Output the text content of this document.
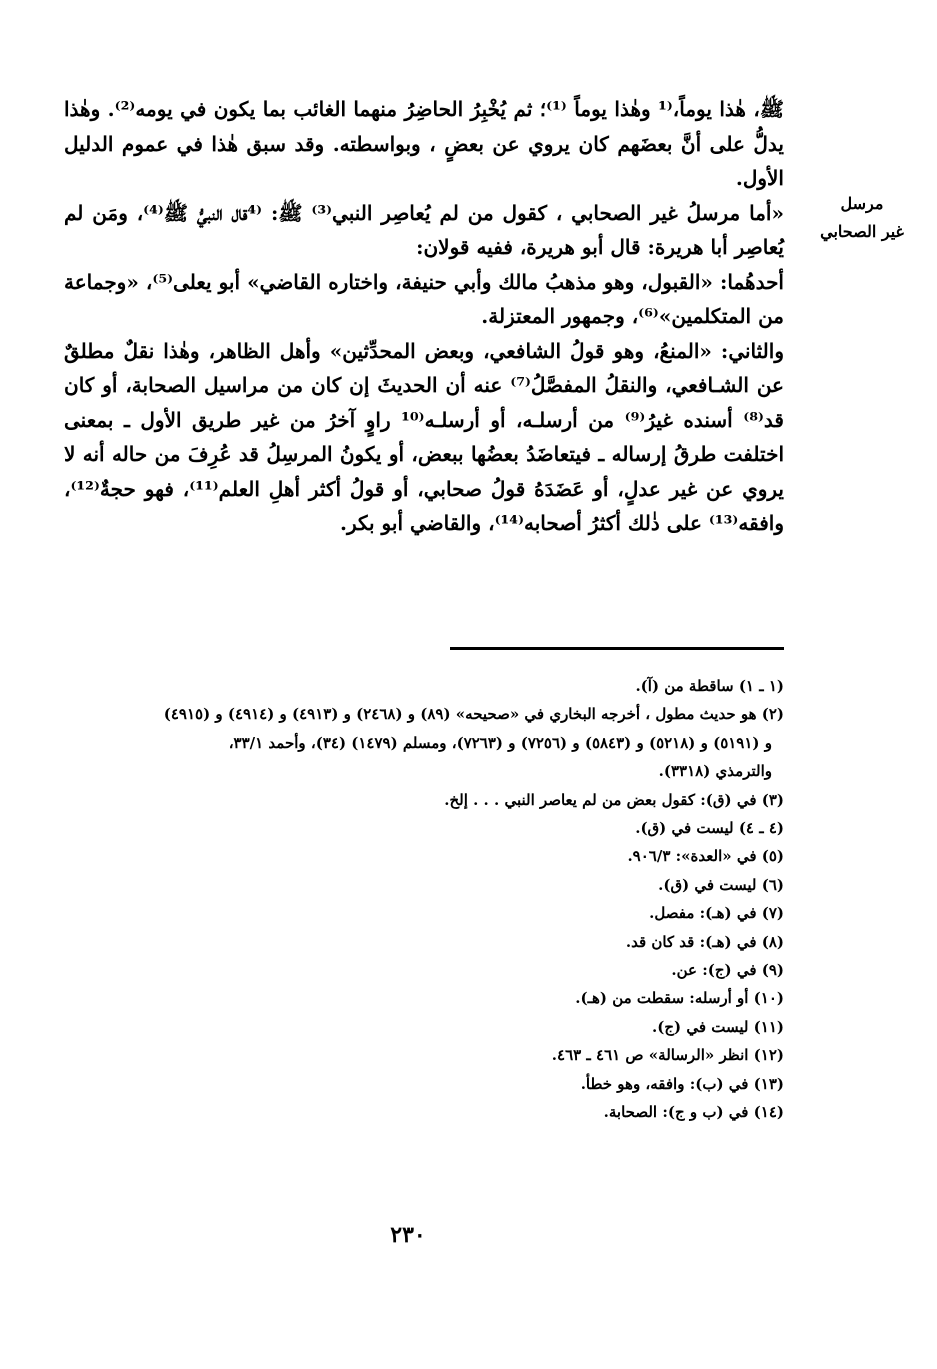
ﷺ، هٰذا يوماً،⁽¹ وهٰذا يوماً ⁽¹⁾؛ ثم يُخْبِرُ الحاضِرُ منهما الغائب بما يكون في يومه⁽²⁾. وهٰذا يدلُّ على أنَّ بعضَهم كان يروي عن بعضٍ ، وبواسطته. وقد سبق هٰذا في عموم الدليل الأول.

«أما مرسلُ غير الصحابي ، كقول من لم يُعاصِر النبي⁽³⁾ ﷺ: ⁽⁴قال النبيُّ ﷺ⁽⁴⁾، ومَن لم يُعاصِر أبا هريرة: قال أبو هريرة، ففيه قولان:

أحدهُما: «القبول، وهو مذهبُ مالك وأبي حنيفة، واختاره القاضي» أبو يعلى⁽⁵⁾، «وجماعة من المتكلمين»⁽⁶⁾، وجمهور المعتزلة.

والثاني: «المنعُ، وهو قولُ الشافعي، وبعض المحدِّثين» وأهل الظاهر، وهٰذا نقلٌ مطلقٌ عن الشـافعي، والنقلُ المفصَّلُ⁽⁷⁾ عنه أن الحديثَ إن كان من مراسيل الصحابة، أو كان قد⁽⁸⁾ أسنده غيرُ⁽⁹⁾ من أرسلـه، أو أرسلـه⁽¹⁰ راوٍ آخرُ من غير طريق الأول ـ بمعنى اختلفت طرقُ إرساله ـ فيتعاضَدُ بعضُها ببعض، أو يكونُ المرسِلُ قد عُرِفَ من حاله أنه لا يروي عن غير عدلٍ، أو عَضَدَهُ قولُ صحابي، أو قولُ أكثر أهلِ العلم⁽¹¹⁾، فهو حجةٌ⁽¹²⁾، وافقه⁽¹³⁾ على ذٰلك أكثرُ أصحابه⁽¹⁴⁾، والقاضي أبو بكر.

مرسل
غير الصحابي

(١ ـ ١) ساقطة من (آ).

(٢) هو حديث مطول ، أخرجه البخاري في «صحيحه» (٨٩) و (٢٤٦٨) و (٤٩١٣) و (٤٩١٤) و (٤٩١٥)

و (٥١٩١) و (٥٢١٨) و (٥٨٤٣) و (٧٢٥٦) و (٧٢٦٣)، ومسلم (١٤٧٩) (٣٤)، وأحمد ٣٣/١،

والترمذي (٣٣١٨).

(٣) في (ق): كقول بعض من لم يعاصر النبي . . . إلخ.

(٤ ـ ٤) ليست في (ق).

(٥) في «العدة»: ٩٠٦/٣.

(٦) ليست في (ق).

(٧) في (هـ): مفصل.

(٨) في (هـ): قد كان قد.

(٩) في (ج): عن.

(١٠) أو أرسله: سقطت من (هـ).

(١١) ليست في (ج).

(١٢) انظر «الرسالة» ص ٤٦١ ـ ٤٦٣.

(١٣) في (ب): وافقه، وهو خطأ.

(١٤) في (ب و ج): الصحابة.

٢٣٠
